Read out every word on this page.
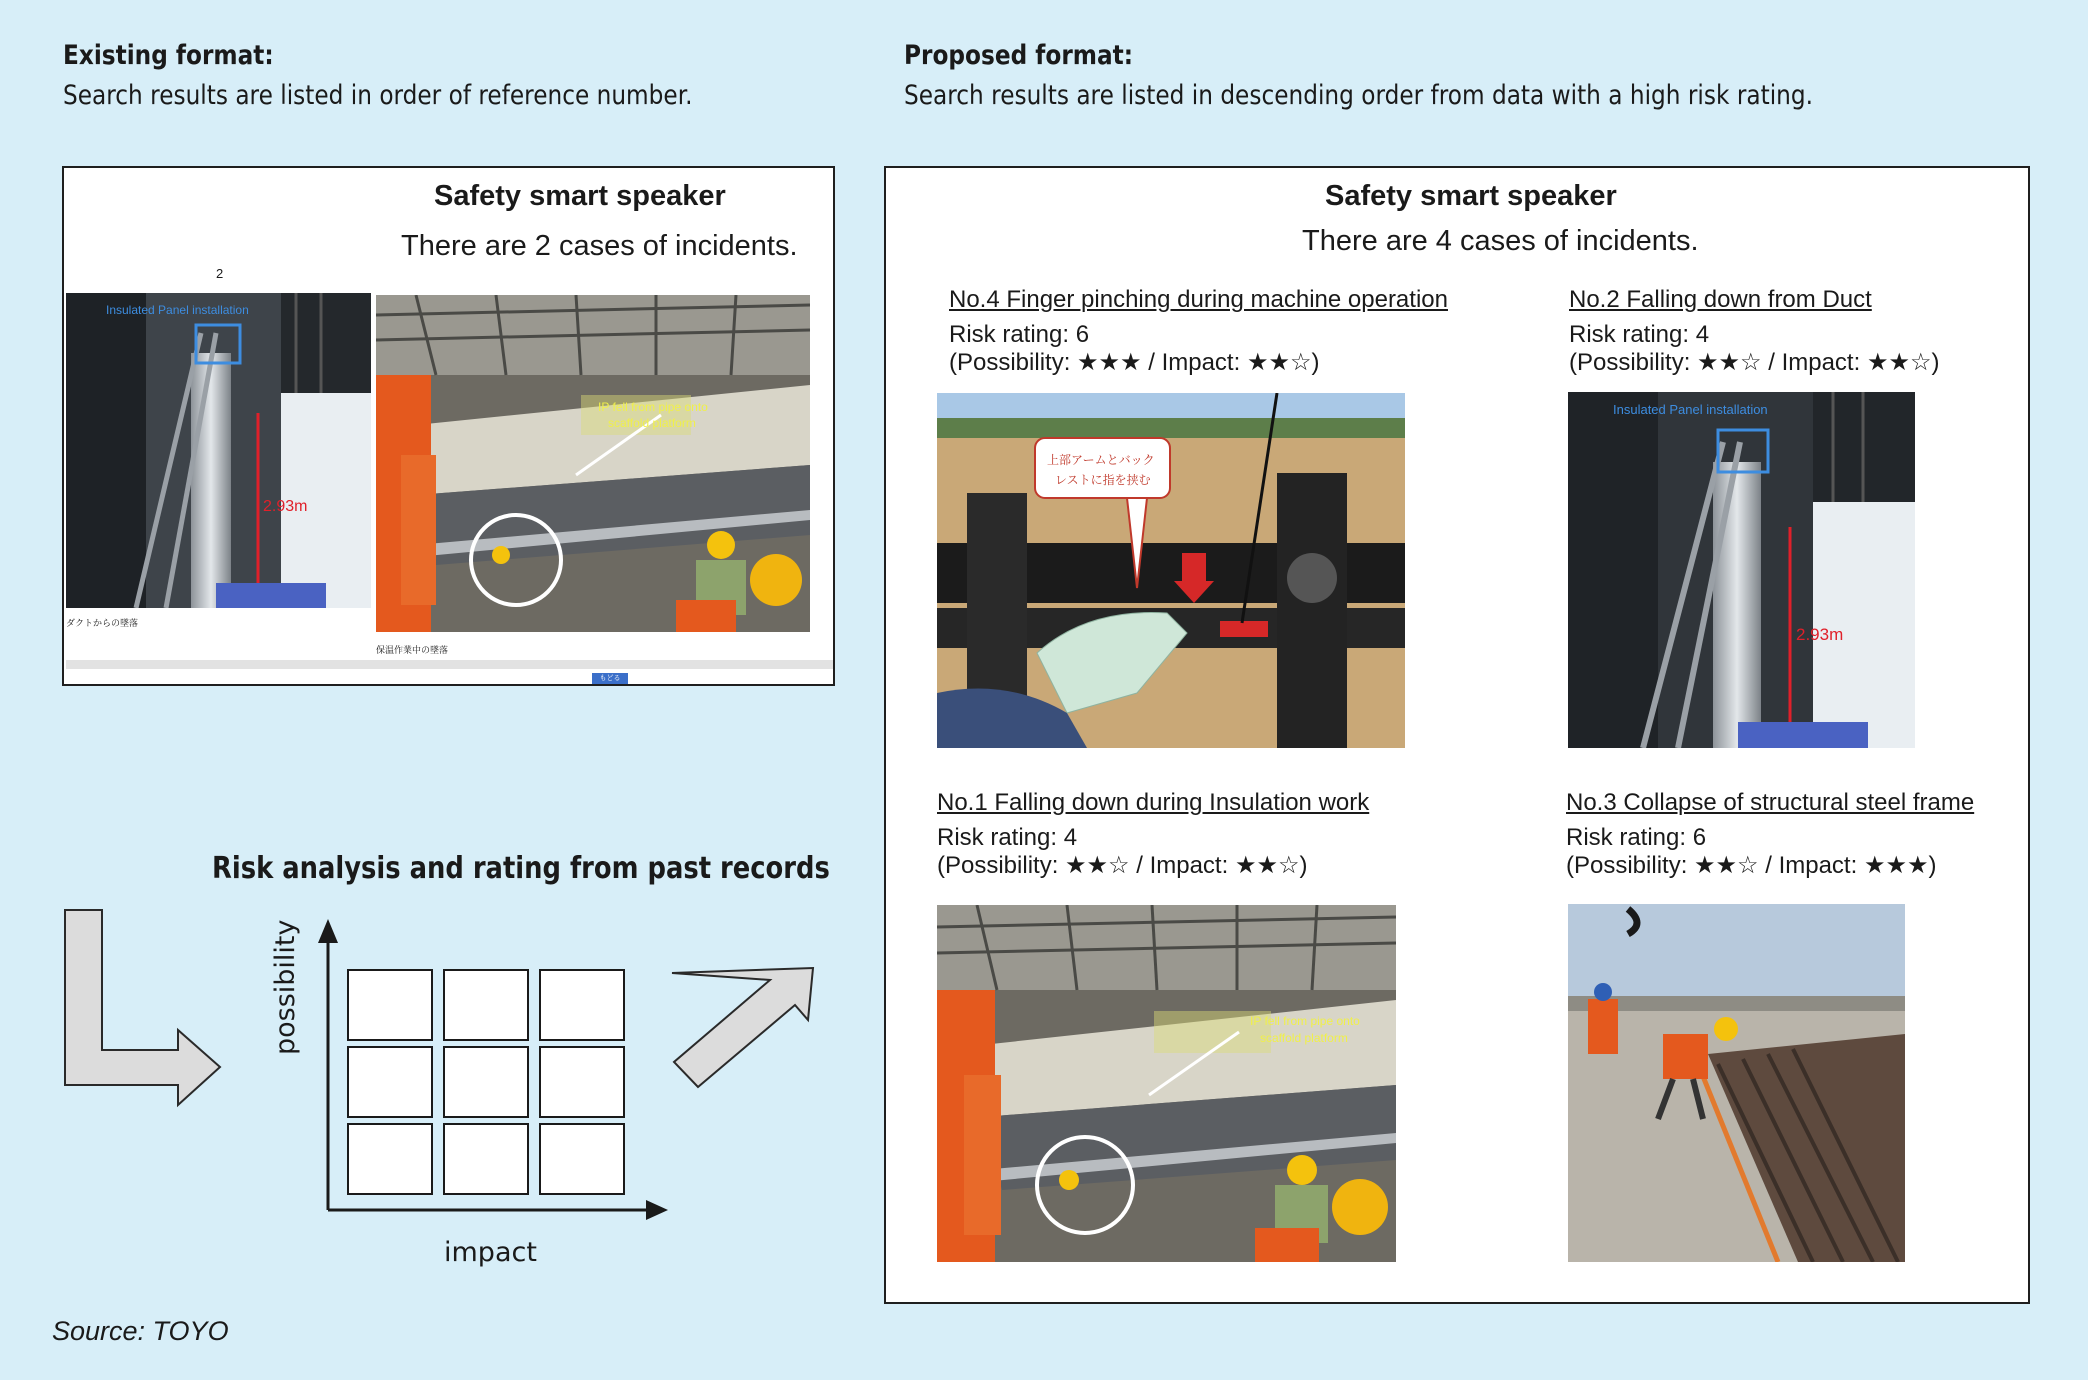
Existing format:
Search results are listed in order of reference number.
Proposed format:
Search results are listed in descending order from data with a high risk rating.
Safety smart speaker
There are 2 cases of incidents.
2
Insulated Panel installation
2.93m
IP fell from pipe onto
scaffold platform
ダクトからの墜落
保温作業中の墜落
もどる
Risk analysis and rating from past records
possibility
impact
Source: TOYO
Safety smart speaker
There are 4 cases of incidents.
No.4 Finger pinching during machine operation
Risk rating: 6
(Possibility: ★★★ / Impact: ★★☆)
上部アームとバック
レストに指を挟む
No.2 Falling down from Duct
Risk rating: 4
(Possibility: ★★☆ / Impact: ★★☆)
Insulated Panel installation
2.93m
No.1 Falling down during Insulation work
Risk rating: 4
(Possibility: ★★☆ / Impact: ★★☆)
IP fell from pipe onto
scaffold platform
No.3 Collapse of structural steel frame
Risk rating: 6
(Possibility: ★★☆ / Impact: ★★★)
